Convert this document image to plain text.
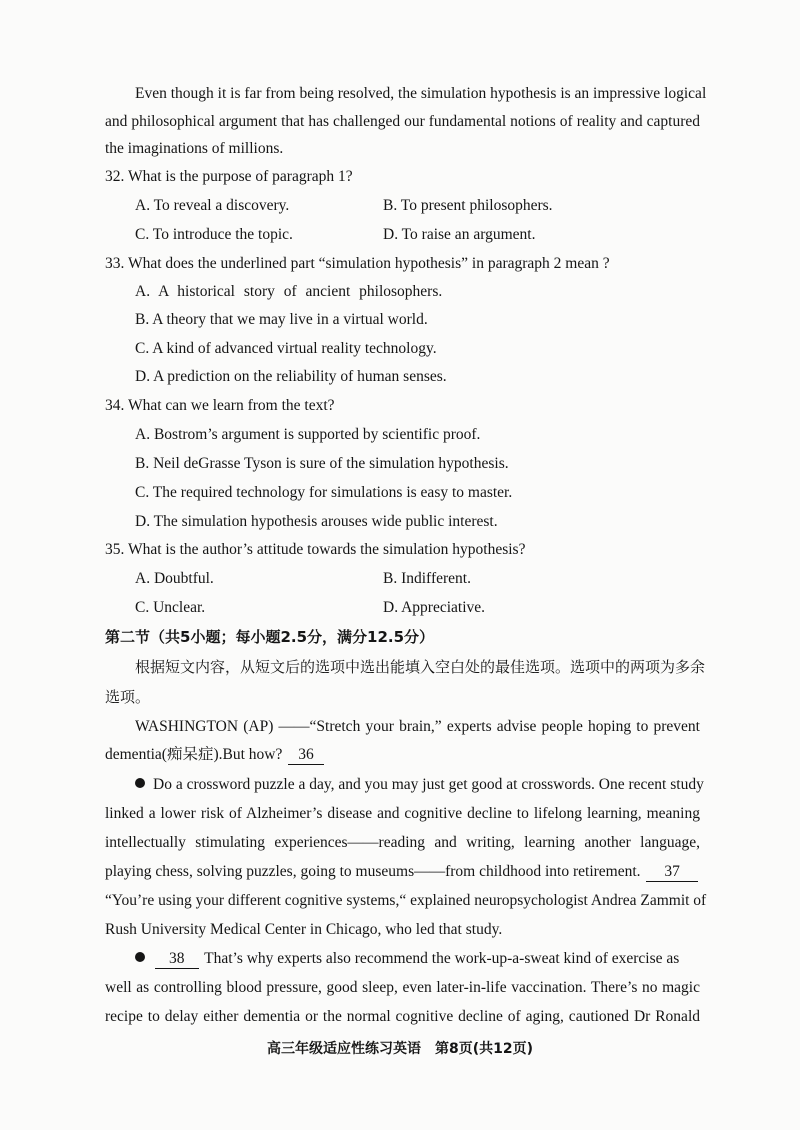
Even though it is far from being resolved, the simulation hypothesis is an impressive logical
and philosophical argument that has challenged our fundamental notions of reality and captured
the imaginations of millions.
32. What is the purpose of paragraph 1?
A. To reveal a discovery.	B. To present philosophers.
C. To introduce the topic.	D. To raise an argument.
33. What does the underlined part “simulation hypothesis” in paragraph 2 mean ?
A. A historical story of ancient philosophers.
B. A theory that we may live in a virtual world.
C. A kind of advanced virtual reality technology.
D. A prediction on the reliability of human senses.
34. What can we learn from the text?
A. Bostrom’s argument is supported by scientific proof.
B. Neil deGrasse Tyson is sure of the simulation hypothesis.
C. The required technology for simulations is easy to master.
D. The simulation hypothesis arouses wide public interest.
35. What is the author’s attitude towards the simulation hypothesis?
A. Doubtful.	B. Indifferent.
C. Unclear.	D. Appreciative.
第二节（共5小题；每小题2.5分，满分12.5分）
根据短文内容，从短文后的选项中选出能填入空白处的最佳选项。选项中的两项为多余
选项。
WASHINGTON (AP) ——“Stretch your brain,” experts advise people hoping to prevent
dementia(痴呆症).But how? 36
Do a crossword puzzle a day, and you may just get good at crosswords. One recent study
linked a lower risk of Alzheimer’s disease and cognitive decline to lifelong learning, meaning
intellectually stimulating experiences——reading and writing, learning another language,
playing chess, solving puzzles, going to museums——from childhood into retirement. 37
“You’re using your different cognitive systems,“ explained neuropsychologist Andrea Zammit of
Rush University Medical Center in Chicago, who led that study.
38 That’s why experts also recommend the work-up-a-sweat kind of exercise as
well as controlling blood pressure, good sleep, even later-in-life vaccination. There’s no magic
recipe to delay either dementia or the normal cognitive decline of aging, cautioned Dr Ronald
高三年级适应性练习英语　第8页(共12页)
